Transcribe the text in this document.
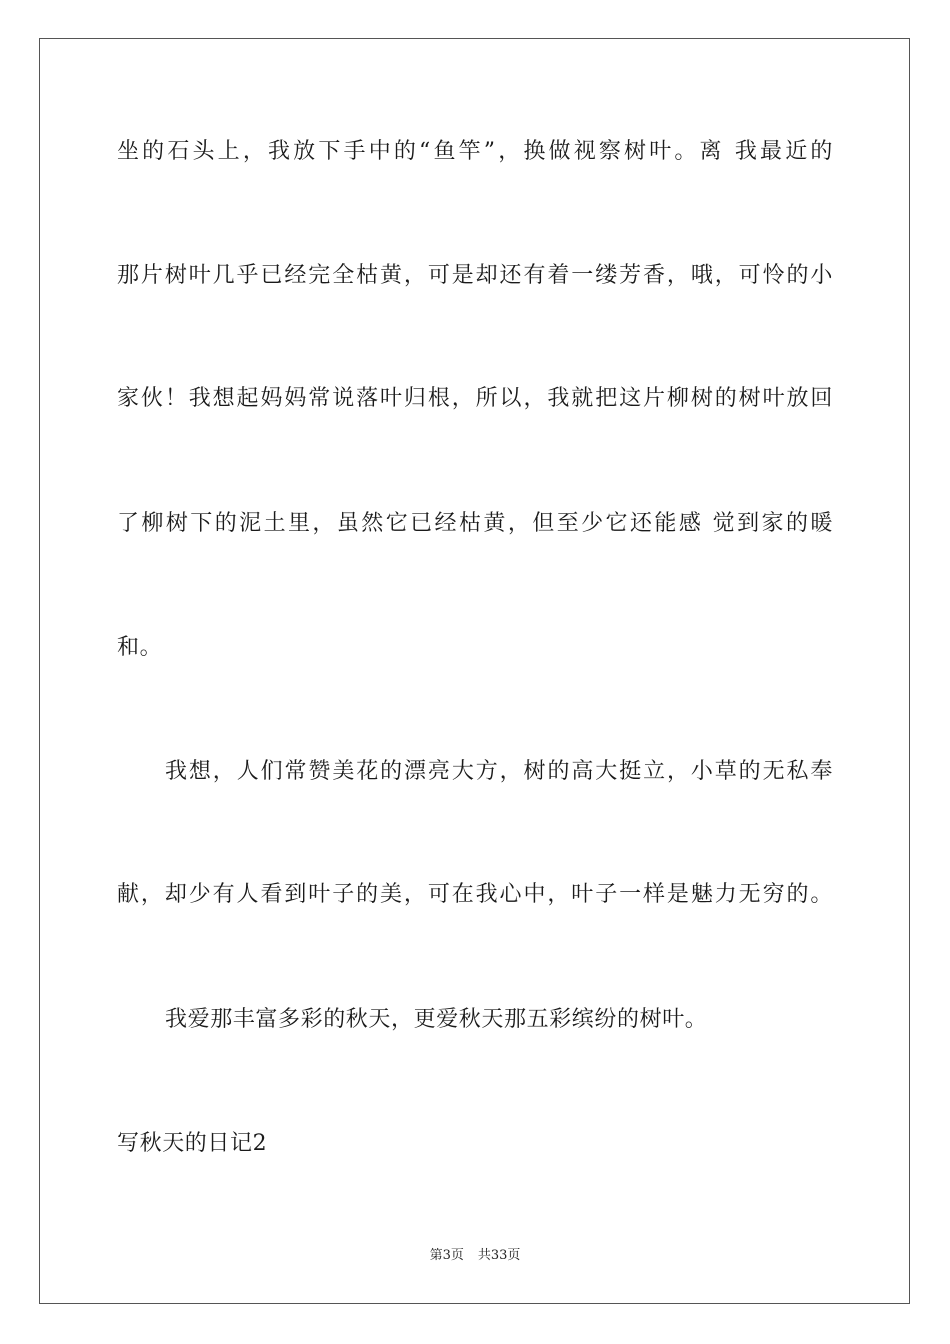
坐的石头上，我放下手中的“鱼竿”，换做视察树叶。离 我最近的
那片树叶几乎已经完全枯黄，可是却还有着一缕芳香，哦，可怜的小
家伙！我想起妈妈常说落叶归根，所以，我就把这片柳树的树叶放回
了柳树下的泥土里，虽然它已经枯黄，但至少它还能感 觉到家的暖
和。
我想，人们常赞美花的漂亮大方，树的高大挺立，小草的无私奉
献，却少有人看到叶子的美，可在我心中，叶子一样是魅力无穷的。
我爱那丰富多彩的秋天，更爱秋天那五彩缤纷的树叶。
写秋天的日记2
第3页 共33页
